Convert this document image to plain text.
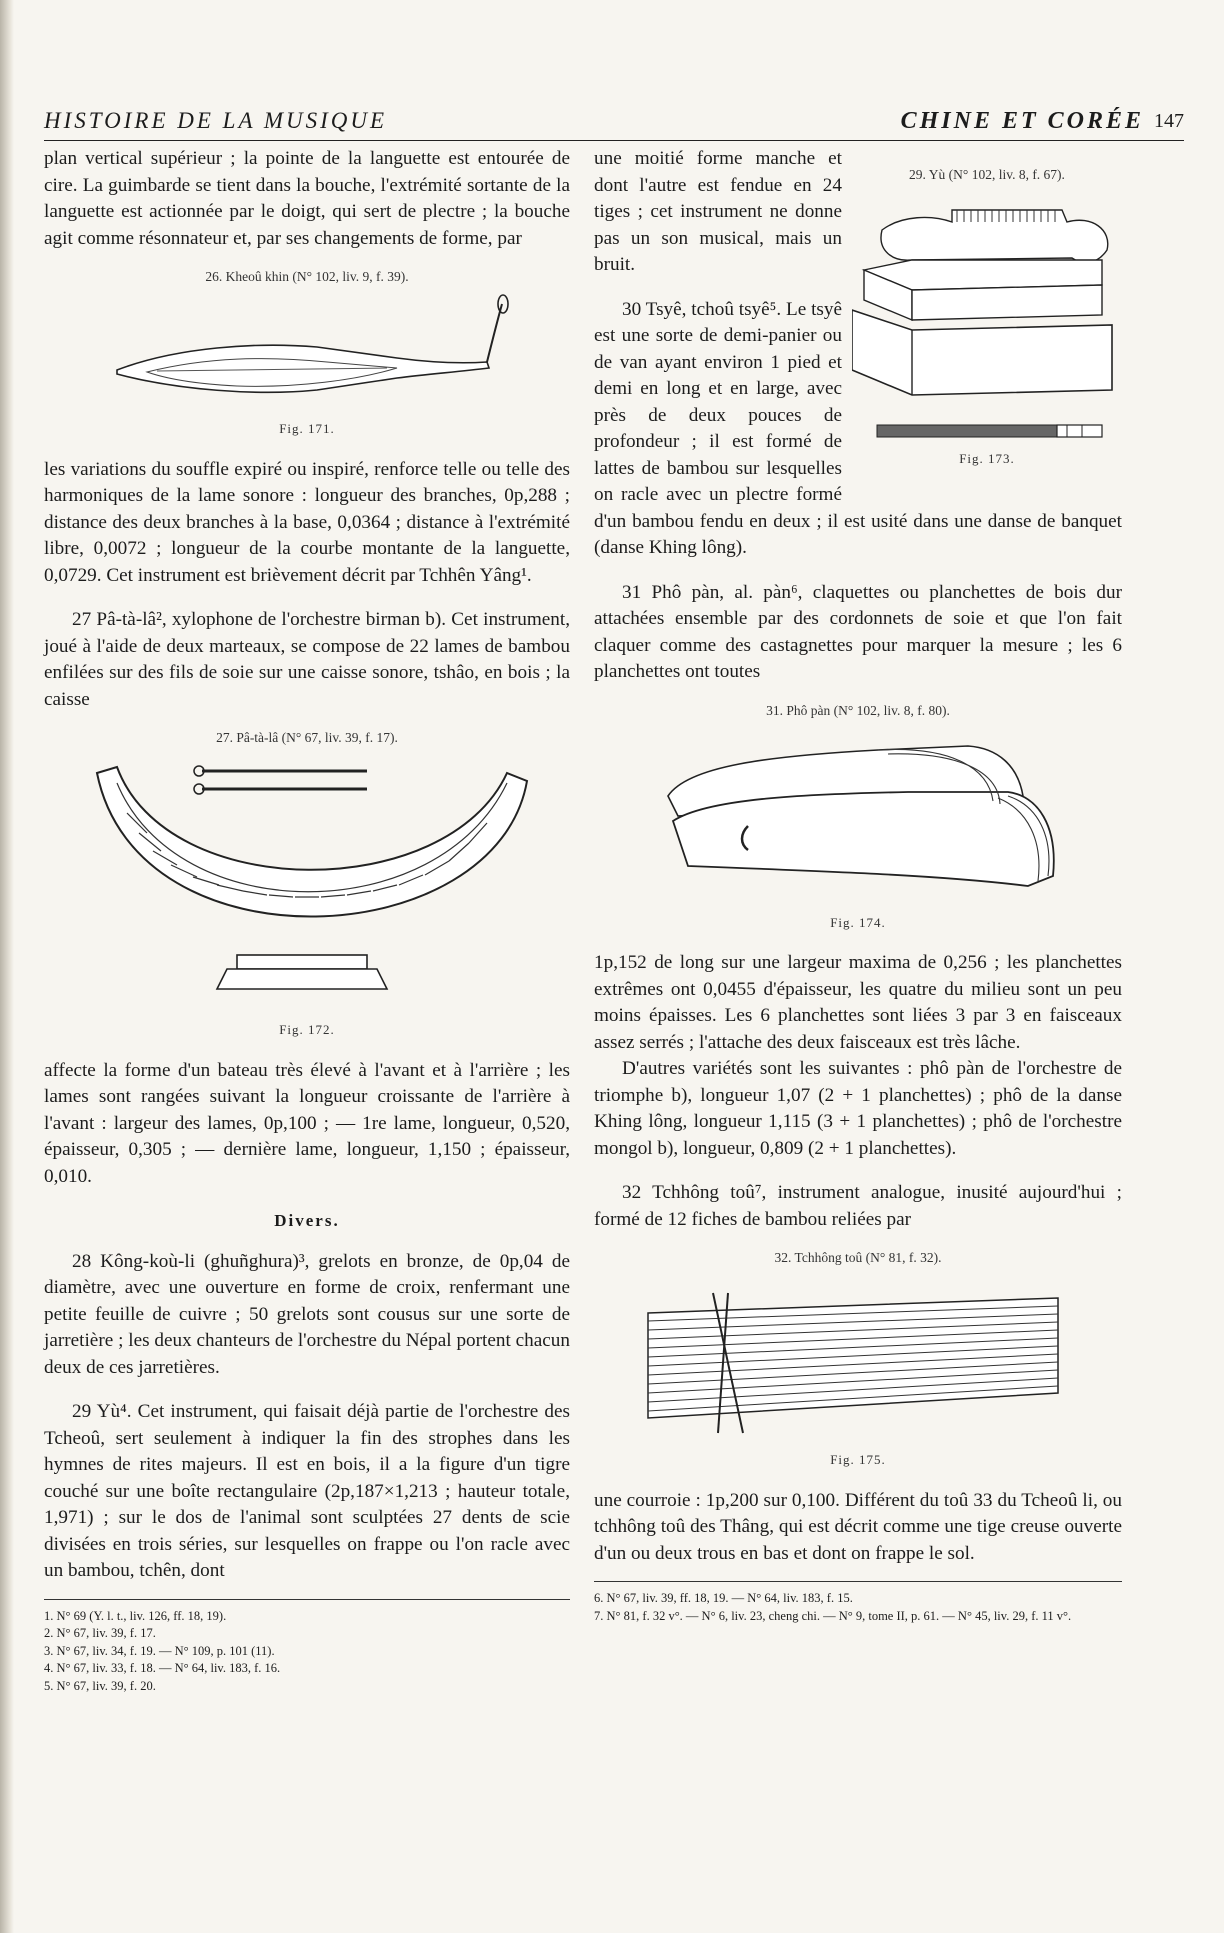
HISTOIRE DE LA MUSIQUE	CHINE ET CORÉE 147

plan vertical supérieur ; la pointe de la languette est entourée de cire. La guimbarde se tient dans la bouche, l'extrémité sortante de la languette est actionnée par le doigt, qui sert de plectre ; la bouche agit comme résonnateur et, par ses changements de forme, par

26. Kheoû khin (N° 102, liv. 9, f. 39).
Fig. 171.

les variations du souffle expiré ou inspiré, renforce telle ou telle des harmoniques de la lame sonore : longueur des branches, 0p,288 ; distance des deux branches à la base, 0,0364 ; distance à l'extrémité libre, 0,0072 ; longueur de la courbe montante de la languette, 0,0729. Cet instrument est brièvement décrit par Tchhên Yâng¹.

27 Pâ-tà-lâ², xylophone de l'orchestre birman b). Cet instrument, joué à l'aide de deux marteaux, se compose de 22 lames de bambou enfilées sur des fils de soie sur une caisse sonore, tshâo, en bois ; la caisse

27. Pâ-tà-lâ (N° 67, liv. 39, f. 17).
Fig. 172.

affecte la forme d'un bateau très élevé à l'avant et à l'arrière ; les lames sont rangées suivant la longueur croissante de l'arrière à l'avant : largeur des lames, 0p,100 ; — 1re lame, longueur, 0,520, épaisseur, 0,305 ; — dernière lame, longueur, 1,150 ; épaisseur, 0,010.

Divers.

28 Kông-koù-li (ghuñghura)³, grelots en bronze, de 0p,04 de diamètre, avec une ouverture en forme de croix, renfermant une petite feuille de cuivre ; 50 grelots sont cousus sur une sorte de jarretière ; les deux chanteurs de l'orchestre du Népal portent chacun deux de ces jarretières.

29 Yù⁴. Cet instrument, qui faisait déjà partie de l'orchestre des Tcheoû, sert seulement à indiquer la fin des strophes dans les hymnes de rites majeurs. Il est en bois, il a la figure d'un tigre couché sur une boîte rectangulaire (2p,187×1,213 ; hauteur totale, 1,971) ; sur le dos de l'animal sont sculptées 27 dents de scie divisées en trois séries, sur lesquelles on frappe ou l'on racle avec un bambou, tchên, dont

1. N° 69 (Y. l. t., liv. 126, ff. 18, 19).
2. N° 67, liv. 39, f. 17.
3. N° 67, liv. 34, f. 19. — N° 109, p. 101 (11).
4. N° 67, liv. 33, f. 18. — N° 64, liv. 183, f. 16.
5. N° 67, liv. 39, f. 20.
29. Yù (N° 102, liv. 8, f. 67).
Fig. 173.

une moitié forme manche et dont l'autre est fendue en 24 tiges ; cet instrument ne donne pas un son musical, mais un bruit.

30 Tsyê, tchoû tsyê⁵. Le tsyê est une sorte de demi-panier ou de van ayant environ 1 pied et demi en long et en large, avec près de deux pouces de profondeur ; il est formé de lattes de bambou sur lesquelles on racle avec un plectre formé d'un bambou fendu en deux ; il est usité dans une danse de banquet (danse Khing lông).

31 Phô pàn, al. pàn⁶, claquettes ou planchettes de bois dur attachées ensemble par des cordonnets de soie et que l'on fait claquer comme des castagnettes pour marquer la mesure ; les 6 planchettes ont toutes

31. Phô pàn (N° 102, liv. 8, f. 80).
Fig. 174.

1p,152 de long sur une largeur maxima de 0,256 ; les planchettes extrêmes ont 0,0455 d'épaisseur, les quatre du milieu sont un peu moins épaisses. Les 6 planchettes sont liées 3 par 3 en faisceaux assez serrés ; l'attache des deux faisceaux est très lâche.

D'autres variétés sont les suivantes : phô pàn de l'orchestre de triomphe b), longueur 1,07 (2 + 1 planchettes) ; phô de la danse Khing lông, longueur 1,115 (3 + 1 planchettes) ; phô de l'orchestre mongol b), longueur, 0,809 (2 + 1 planchettes).

32 Tchhông toû⁷, instrument analogue, inusité aujourd'hui ; formé de 12 fiches de bambou reliées par

32. Tchhông toû (N° 81, f. 32).
Fig. 175.

une courroie : 1p,200 sur 0,100. Différent du toû 33 du Tcheoû li, ou tchhông toû des Thâng, qui est décrit comme une tige creuse ouverte d'un ou deux trous en bas et dont on frappe le sol.

6. N° 67, liv. 39, ff. 18, 19. — N° 64, liv. 183, f. 15.
7. N° 81, f. 32 v°. — N° 6, liv. 23, cheng chi. — N° 9, tome II, p. 61. — N° 45, liv. 29, f. 11 v°.
